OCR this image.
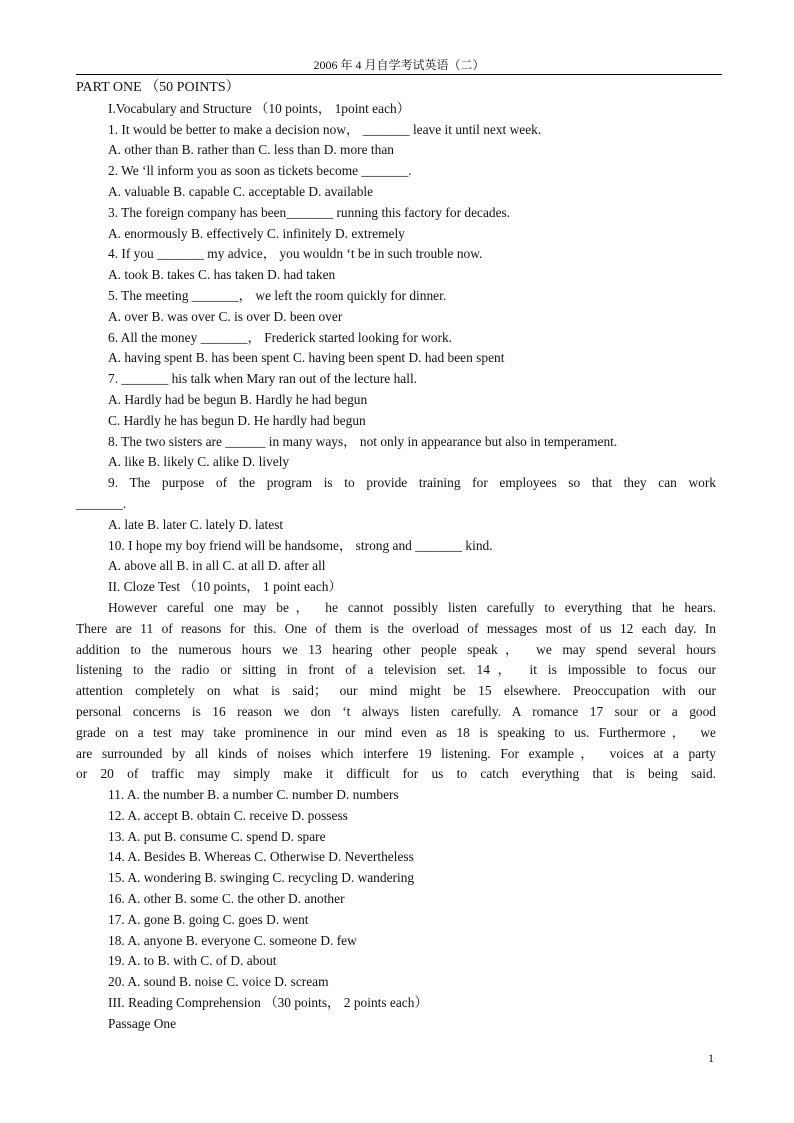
2006 年 4 月自学考试英语（二）

PART ONE （50 POINTS）

I.Vocabulary and Structure （10 points， 1point each）

1. It would be better to make a decision now， _______ leave it until next week.

A. other than B. rather than C. less than D. more than

2. We ‘ll inform you as soon as tickets become _______.

A. valuable B. capable C. acceptable D. available

3. The foreign company has been_______ running this factory for decades.

A. enormously B. effectively C. infinitely D. extremely

4. If you _______ my advice， you wouldn ‘t be in such trouble now.

A. took B. takes C. has taken D. had taken

5. The meeting _______， we left the room quickly for dinner.

A. over B. was over C. is over D. been over

6. All the money _______， Frederick started looking for work.

A. having spent B. has been spent C. having been spent D. had been spent

7. _______ his talk when Mary ran out of the lecture hall.

A. Hardly had be begun B. Hardly he had begun

C. Hardly he has begun D. He hardly had begun

8. The two sisters are ______ in many ways， not only in appearance but also in temperament.

A. like B. likely C. alike D. lively

9. The purpose of the program is to provide training for employees so that they can work

_______.

A. late B. later C. lately D. latest

10. I hope my boy friend will be handsome， strong and _______ kind.

A. above all B. in all C. at all D. after all

II. Cloze Test （10 points， 1 point each）

However careful one may be， he cannot possibly listen carefully to everything that he hears.

There are 11 of reasons for this. One of them is the overload of messages most of us 12 each day. In

addition to the numerous hours we 13 hearing other people speak， we may spend several hours

listening to the radio or sitting in front of a television set. 14， it is impossible to focus our

attention completely on what is said； our mind might be 15 elsewhere. Preoccupation with our

personal concerns is 16 reason we don ‘t always listen carefully. A romance 17 sour or a good

grade on a test may take prominence in our mind even as 18 is speaking to us. Furthermore， we

are surrounded by all kinds of noises which interfere 19 listening. For example， voices at a party

or 20 of traffic may simply make it difficult for us to catch everything that is being said.

11. A. the number B. a number C. number D. numbers

12. A. accept B. obtain C. receive D. possess

13. A. put B. consume C. spend D. spare

14. A. Besides B. Whereas C. Otherwise D. Nevertheless

15. A. wondering B. swinging C. recycling D. wandering

16. A. other B. some C. the other D. another

17. A. gone B. going C. goes D. went

18. A. anyone B. everyone C. someone D. few

19. A. to B. with C. of D. about

20. A. sound B. noise C. voice D. scream

III. Reading Comprehension （30 points， 2 points each）

Passage One

1
